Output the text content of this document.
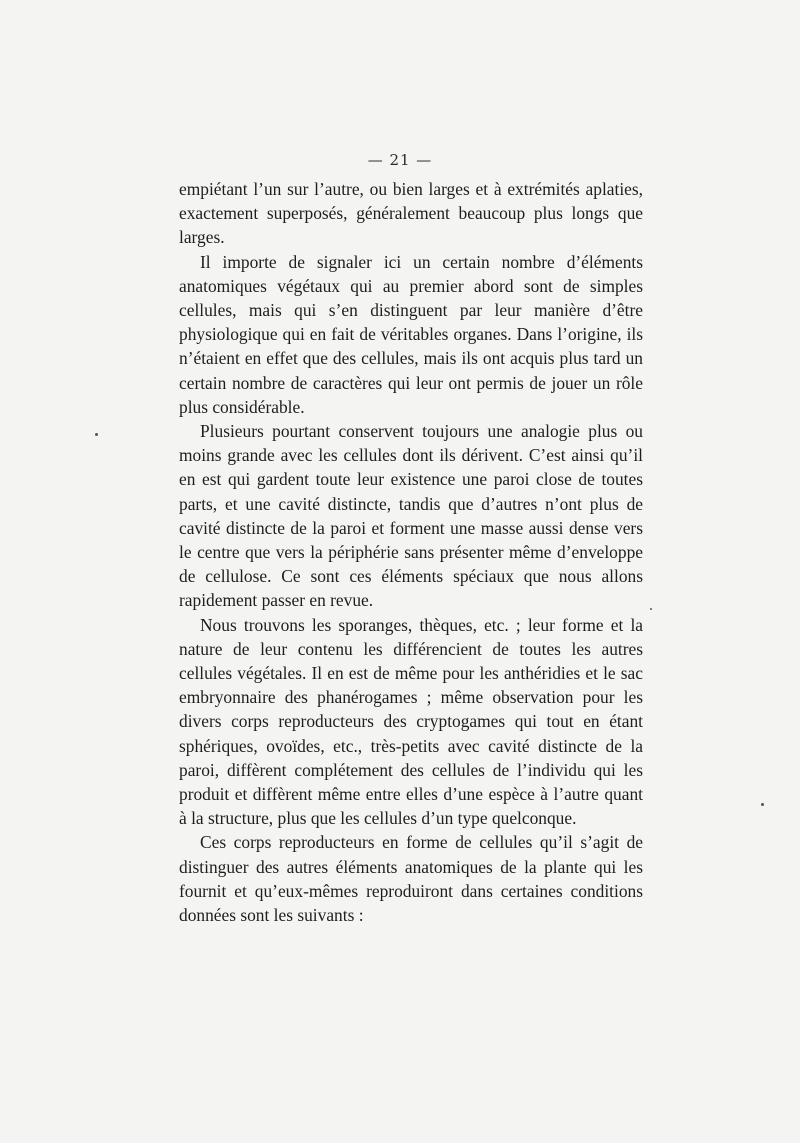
— 21 —

empiétant l’un sur l’autre, ou bien larges et à extrémités aplaties, exactement superposés, généralement beaucoup plus longs que larges.

Il importe de signaler ici un certain nombre d’éléments anatomiques végétaux qui au premier abord sont de simples cellules, mais qui s’en distinguent par leur manière d’être physiologique qui en fait de véritables organes. Dans l’origine, ils n’étaient en effet que des cellules, mais ils ont acquis plus tard un certain nombre de caractères qui leur ont permis de jouer un rôle plus considérable.

Plusieurs pourtant conservent toujours une analogie plus ou moins grande avec les cellules dont ils dérivent. C’est ainsi qu’il en est qui gardent toute leur existence une paroi close de toutes parts, et une cavité distincte, tandis que d’autres n’ont plus de cavité distincte de la paroi et forment une masse aussi dense vers le centre que vers la périphérie sans présenter même d’enveloppe de cellulose. Ce sont ces éléments spéciaux que nous allons rapidement passer en revue.

Nous trouvons les sporanges, thèques, etc. ; leur forme et la nature de leur contenu les différencient de toutes les autres cellules végétales. Il en est de même pour les anthéridies et le sac embryonnaire des phanérogames ; même observation pour les divers corps reproducteurs des cryptogames qui tout en étant sphériques, ovoïdes, etc., très-petits avec cavité distincte de la paroi, diffèrent complétement des cellules de l’individu qui les produit et diffèrent même entre elles d’une espèce à l’autre quant à la structure, plus que les cellules d’un type quelconque.

Ces corps reproducteurs en forme de cellules qu’il s’agit de distinguer des autres éléments anatomiques de la plante qui les fournit et qu’eux-mêmes reproduiront dans certaines conditions données sont les suivants :
